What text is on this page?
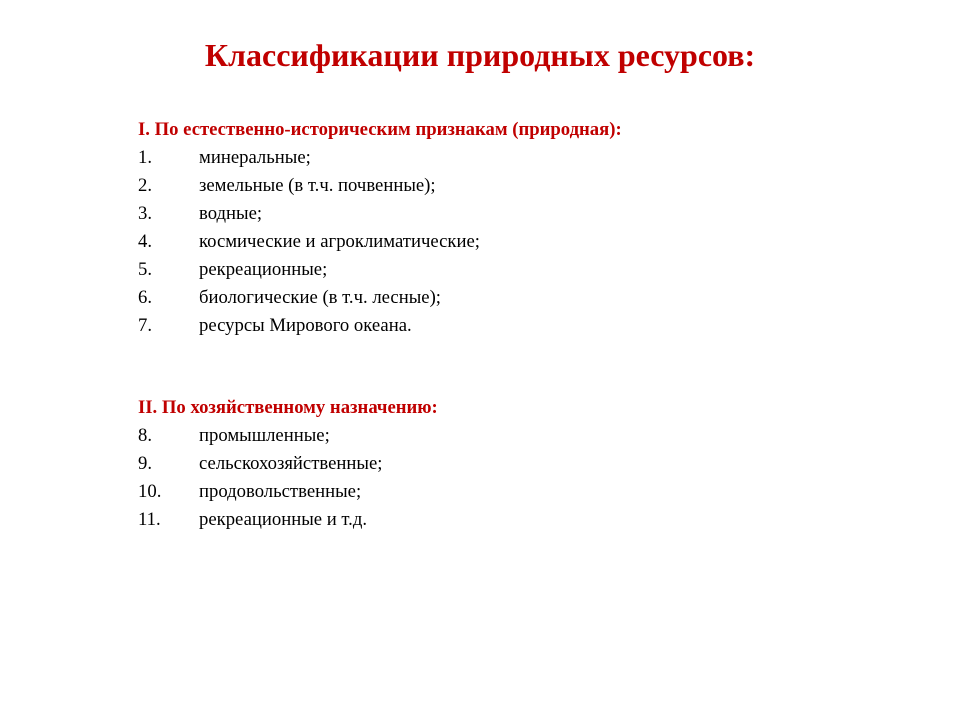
Классификации природных ресурсов:
I. По естественно-историческим признакам (природная):
1.	минеральные;
2.	земельные (в т.ч. почвенные);
3.	водные;
4.	космические и агроклиматические;
5.	рекреационные;
6.	биологические (в т.ч. лесные);
7.	ресурсы Мирового океана.
II. По хозяйственному назначению:
8.	промышленные;
9.	сельскохозяйственные;
10. продовольственные;
11. рекреационные и т.д.
